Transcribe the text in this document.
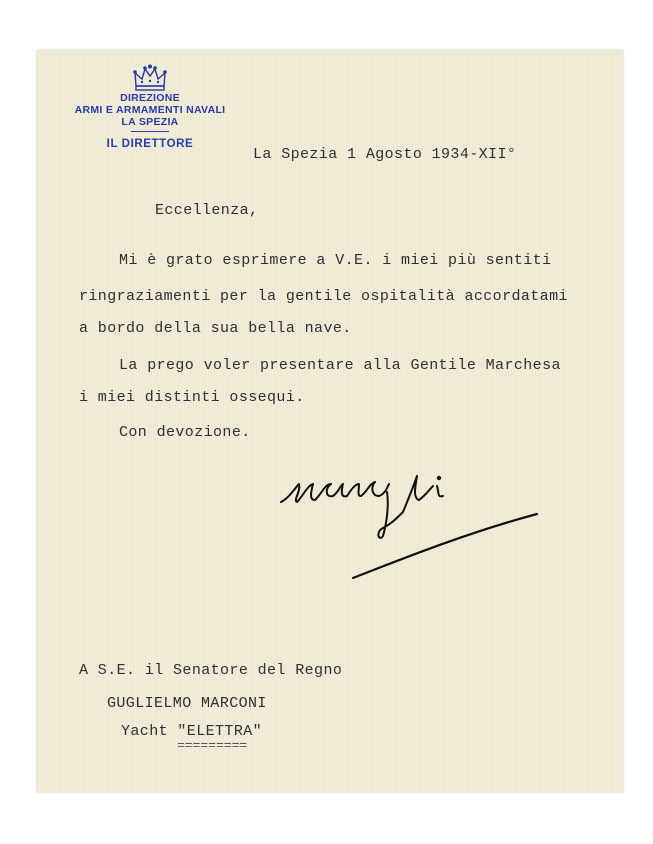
DIREZIONE
ARMI E ARMAMENTI NAVALI
LA SPEZIA
IL DIRETTORE
La Spezia 1 Agosto 1934-XII°
Eccellenza,
Mi è grato esprimere a V.E. i miei più sentiti
ringraziamenti per la gentile ospitalità accordatami
a bordo della sua bella nave.
La prego voler presentare alla Gentile Marchesa
i miei distinti ossequi.
Con devozione.
A S.E. il Senatore del Regno
GUGLIELMO MARCONI
Yacht "ELETTRA"
=========
